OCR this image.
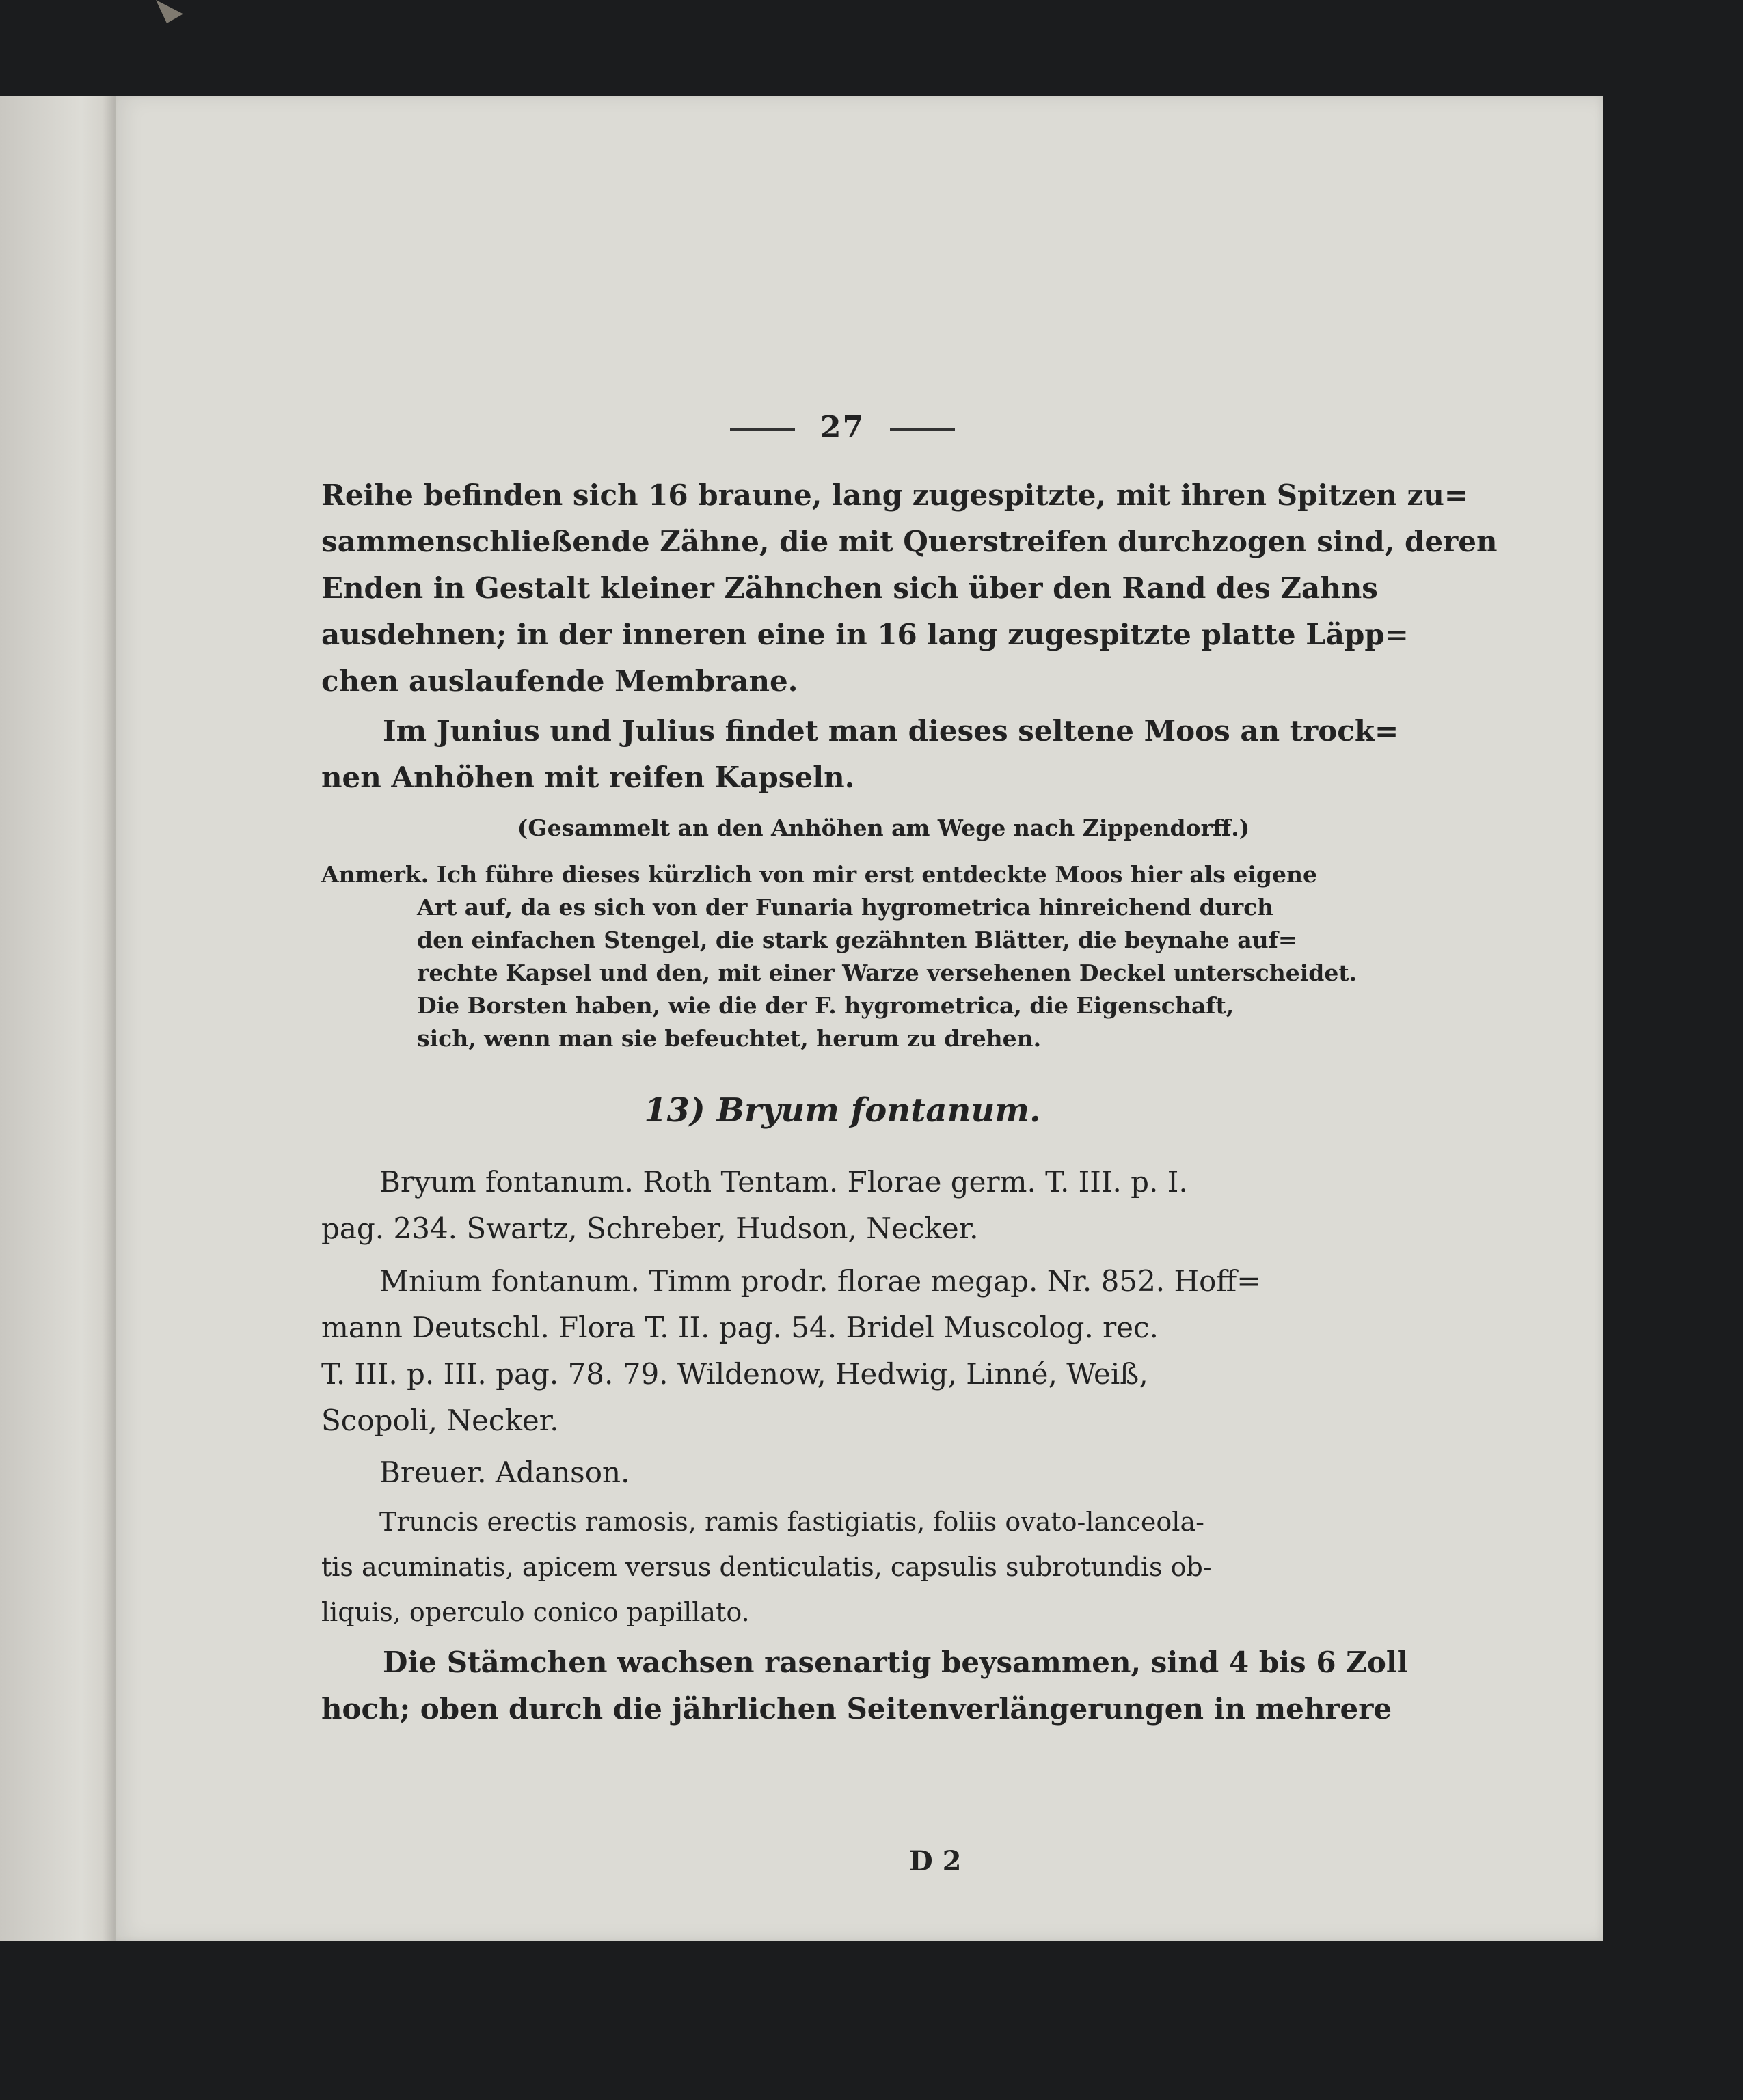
27
Reihe befinden sich 16 braune, lang zugespitzte, mit ihren Spitzen zu=
sammenschließende Zähne, die mit Querstreifen durchzogen sind, deren
Enden in Gestalt kleiner Zähnchen sich über den Rand des Zahns
ausdehnen; in der inneren eine in 16 lang zugespitzte platte Läpp=
chen auslaufende Membrane.
Im Junius und Julius findet man dieses seltene Moos an trock=
nen Anhöhen mit reifen Kapseln.
(Gesammelt an den Anhöhen am Wege nach Zippendorff.)
Anmerk. Ich führe dieses kürzlich von mir erst entdeckte Moos hier als eigene
Art auf, da es sich von der Funaria hygrometrica hinreichend durch
den einfachen Stengel, die stark gezähnten Blätter, die beynahe auf=
rechte Kapsel und den, mit einer Warze versehenen Deckel unterscheidet.
Die Borsten haben, wie die der F. hygrometrica, die Eigenschaft,
sich, wenn man sie befeuchtet, herum zu drehen.
13) Bryum fontanum.
Bryum fontanum. Roth Tentam. Florae germ. T. III. p. I.
pag. 234. Swartz, Schreber, Hudson, Necker.
Mnium fontanum. Timm prodr. florae megap. Nr. 852. Hoff=
mann Deutschl. Flora T. II. pag. 54. Bridel Muscolog. rec.
T. III. p. III. pag. 78. 79. Wildenow, Hedwig, Linné, Weiß,
Scopoli, Necker.
Breuer. Adanson.
Truncis erectis ramosis, ramis fastigiatis, foliis ovato-lanceola-
tis acuminatis, apicem versus denticulatis, capsulis subrotundis ob-
liquis, operculo conico papillato.
Die Stämchen wachsen rasenartig beysammen, sind 4 bis 6 Zoll
hoch; oben durch die jährlichen Seitenverlängerungen in mehrere
D 2
